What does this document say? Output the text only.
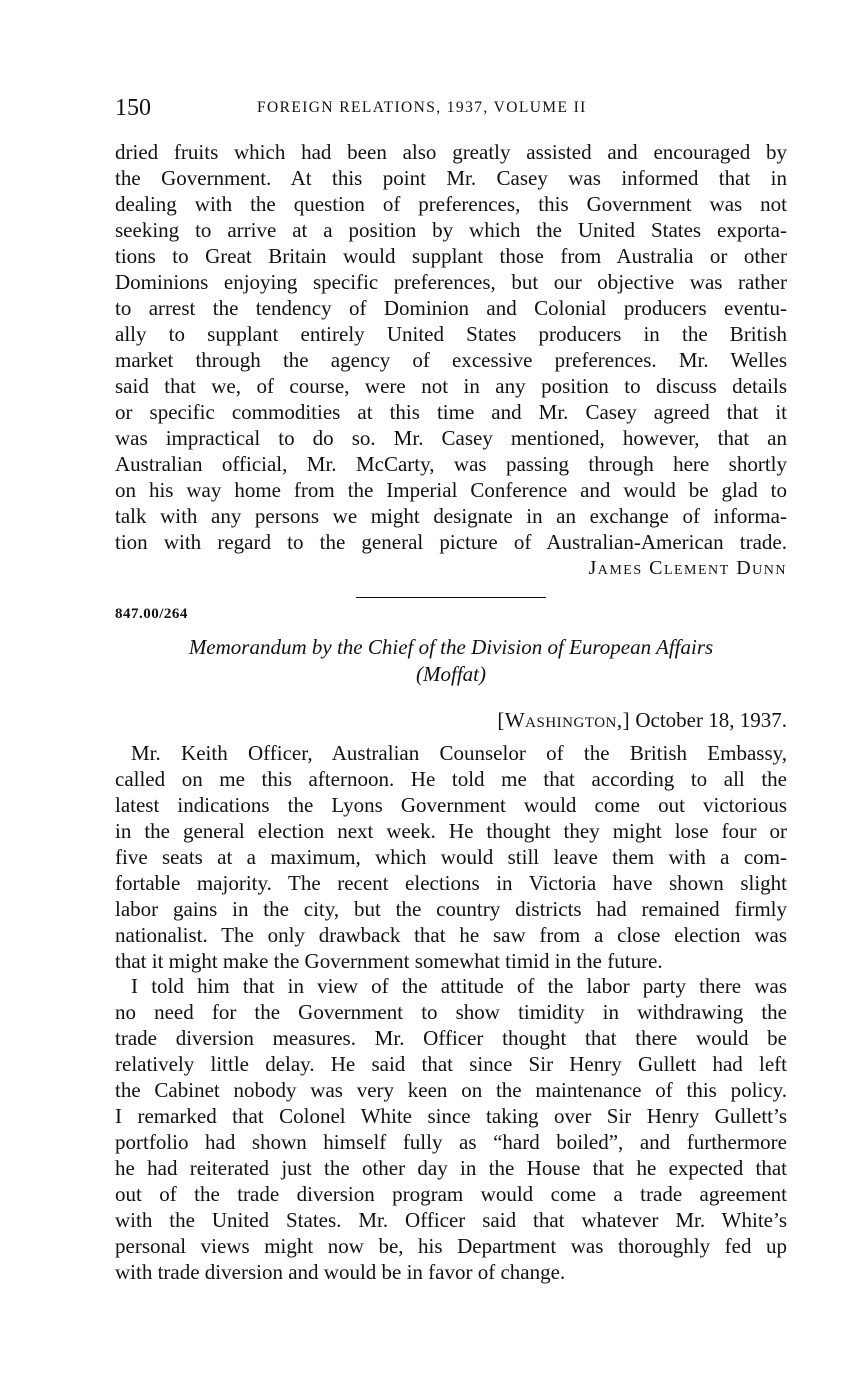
150	FOREIGN RELATIONS, 1937, VOLUME II
dried fruits which had been also greatly assisted and encouraged by
the Government. At this point Mr. Casey was informed that in
dealing with the question of preferences, this Government was not
seeking to arrive at a position by which the United States exporta-
tions to Great Britain would supplant those from Australia or other
Dominions enjoying specific preferences, but our objective was rather
to arrest the tendency of Dominion and Colonial producers eventu-
ally to supplant entirely United States producers in the British
market through the agency of excessive preferences. Mr. Welles
said that we, of course, were not in any position to discuss details
or specific commodities at this time and Mr. Casey agreed that it
was impractical to do so. Mr. Casey mentioned, however, that an
Australian official, Mr. McCarty, was passing through here shortly
on his way home from the Imperial Conference and would be glad to
talk with any persons we might designate in an exchange of informa-
tion with regard to the general picture of Australian-American trade.
James Clement Dunn
847.00/264
Memorandum by the Chief of the Division of European Affairs
(Moffat)
[Washington,] October 18, 1937.
Mr. Keith Officer, Australian Counselor of the British Embassy,
called on me this afternoon. He told me that according to all the
latest indications the Lyons Government would come out victorious
in the general election next week. He thought they might lose four or
five seats at a maximum, which would still leave them with a com-
fortable majority. The recent elections in Victoria have shown slight
labor gains in the city, but the country districts had remained firmly
nationalist. The only drawback that he saw from a close election was
that it might make the Government somewhat timid in the future.
I told him that in view of the attitude of the labor party there was
no need for the Government to show timidity in withdrawing the
trade diversion measures. Mr. Officer thought that there would be
relatively little delay. He said that since Sir Henry Gullett had left
the Cabinet nobody was very keen on the maintenance of this policy.
I remarked that Colonel White since taking over Sir Henry Gullett’s
portfolio had shown himself fully as “hard boiled”, and furthermore
he had reiterated just the other day in the House that he expected that
out of the trade diversion program would come a trade agreement
with the United States. Mr. Officer said that whatever Mr. White’s
personal views might now be, his Department was thoroughly fed up
with trade diversion and would be in favor of change.
